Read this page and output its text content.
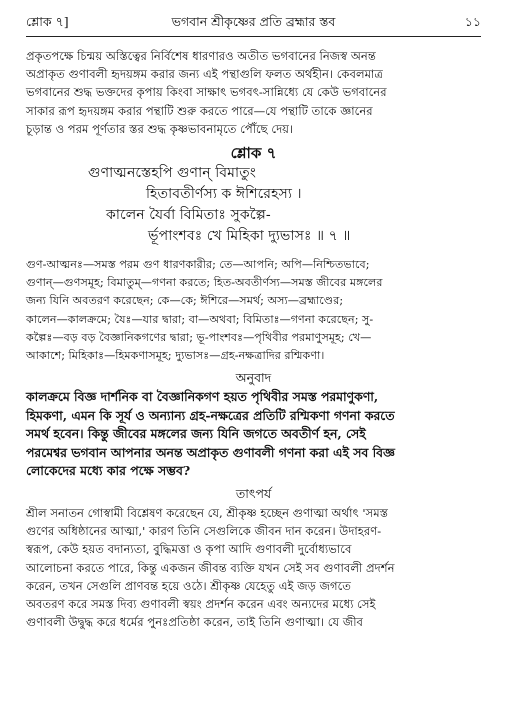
শ্লোক ৭]	ভগবান শ্রীকৃষ্ণের প্রতি ব্রহ্মার স্তব	১১
প্রকৃতপক্ষে চিন্ময় অস্তিত্বের নির্বিশেষ ধারণারও অতীত ভগবানের নিজস্ব অনন্ত
অপ্রাকৃত গুণাবলী হৃদয়ঙ্গম করার জন্য এই পন্থাগুলি ফলত অর্থহীন। কেবলমাত্র
ভগবানের শুদ্ধ ভক্তদের কৃপায় কিংবা সাক্ষাৎ ভগবৎ-সান্নিধ্যে যে কেউ ভগবানের
সাকার রূপ হৃদয়ঙ্গম করার পন্থাটি শুরু করতে পারে—যে পন্থাটি তাকে জ্ঞানের
চূড়ান্ত ও পরম পূর্ণতার স্তর শুদ্ধ কৃষ্ণভাবনামৃতে পৌঁছে দেয়।
শ্লোক ৭
গুণাত্মনস্তেহপি গুণান্ বিমাতুং
হিতাবতীর্ণস্য ক ঈশিরেহস্য ।
কালেন যৈর্বা বিমিতাঃ সুকল্পৈ-
র্ভূপাংশবঃ খে মিহিকা দ্যুভাসঃ ॥ ৭ ॥
গুণ-আত্মনঃ—সমস্ত পরম গুণ ধারণকারীর; তে—আপনি; অপি—নিশ্চিতভাবে;
গুণান্—গুণসমূহ; বিমাতুম্—গণনা করতে; হিত-অবতীর্ণস্য—সমস্ত জীবের মঙ্গলের
জন্য যিনি অবতরণ করেছেন; কে—কে; ঈশিরে—সমর্থ; অস্য—ব্রহ্মাণ্ডের;
কালেন—কালক্রমে; যৈঃ—যার দ্বারা; বা—অথবা; বিমিতাঃ—গণনা করেছেন; সু-
কল্পৈঃ—বড় বড় বৈজ্ঞানিকগণের দ্বারা; ভূ-পাংশবঃ—পৃথিবীর পরমাণুসমূহ; খে—
আকাশে; মিহিকাঃ—হিমকণাসমূহ; দ্যুভাসঃ—গ্রহ-নক্ষত্রাদির রশ্মিকণা।
অনুবাদ
কালক্রমে বিজ্ঞ দার্শনিক বা বৈজ্ঞানিকগণ হয়ত পৃথিবীর সমস্ত পরমাণুকণা,
হিমকণা, এমন কি সূর্য ও অন্যান্য গ্রহ-নক্ষত্রের প্রতিটি রশ্মিকণা গণনা করতে
সমর্থ হবেন। কিন্তু জীবের মঙ্গলের জন্য যিনি জগতে অবতীর্ণ হন, সেই
পরমেশ্বর ভগবান আপনার অনন্ত অপ্রাকৃত গুণাবলী গণনা করা এই সব বিজ্ঞ
লোকেদের মধ্যে কার পক্ষে সম্ভব?
তাৎপর্য
শ্রীল সনাতন গোস্বামী বিশ্লেষণ করেছেন যে, শ্রীকৃষ্ণ হচ্ছেন গুণাত্মা অর্থাৎ 'সমস্ত
গুণের অধিষ্ঠানের আত্মা,' কারণ তিনি সেগুলিকে জীবন দান করেন। উদাহরণ-
স্বরূপ, কেউ হয়ত বদান্যতা, বুদ্ধিমত্তা ও কৃপা আদি গুণাবলী দুর্বোধ্যভাবে
আলোচনা করতে পারে, কিন্তু একজন জীবন্ত ব্যক্তি যখন সেই সব গুণাবলী প্রদর্শন
করেন, তখন সেগুলি প্রাণবন্ত হয়ে ওঠে। শ্রীকৃষ্ণ যেহেতু এই জড় জগতে
অবতরণ করে সমস্ত দিব্য গুণাবলী স্বয়ং প্রদর্শন করেন এবং অন্যদের মধ্যে সেই
গুণাবলী উদ্বুদ্ধ করে ধর্মের পুনঃপ্রতিষ্ঠা করেন, তাই তিনি গুণাত্মা। যে জীব
